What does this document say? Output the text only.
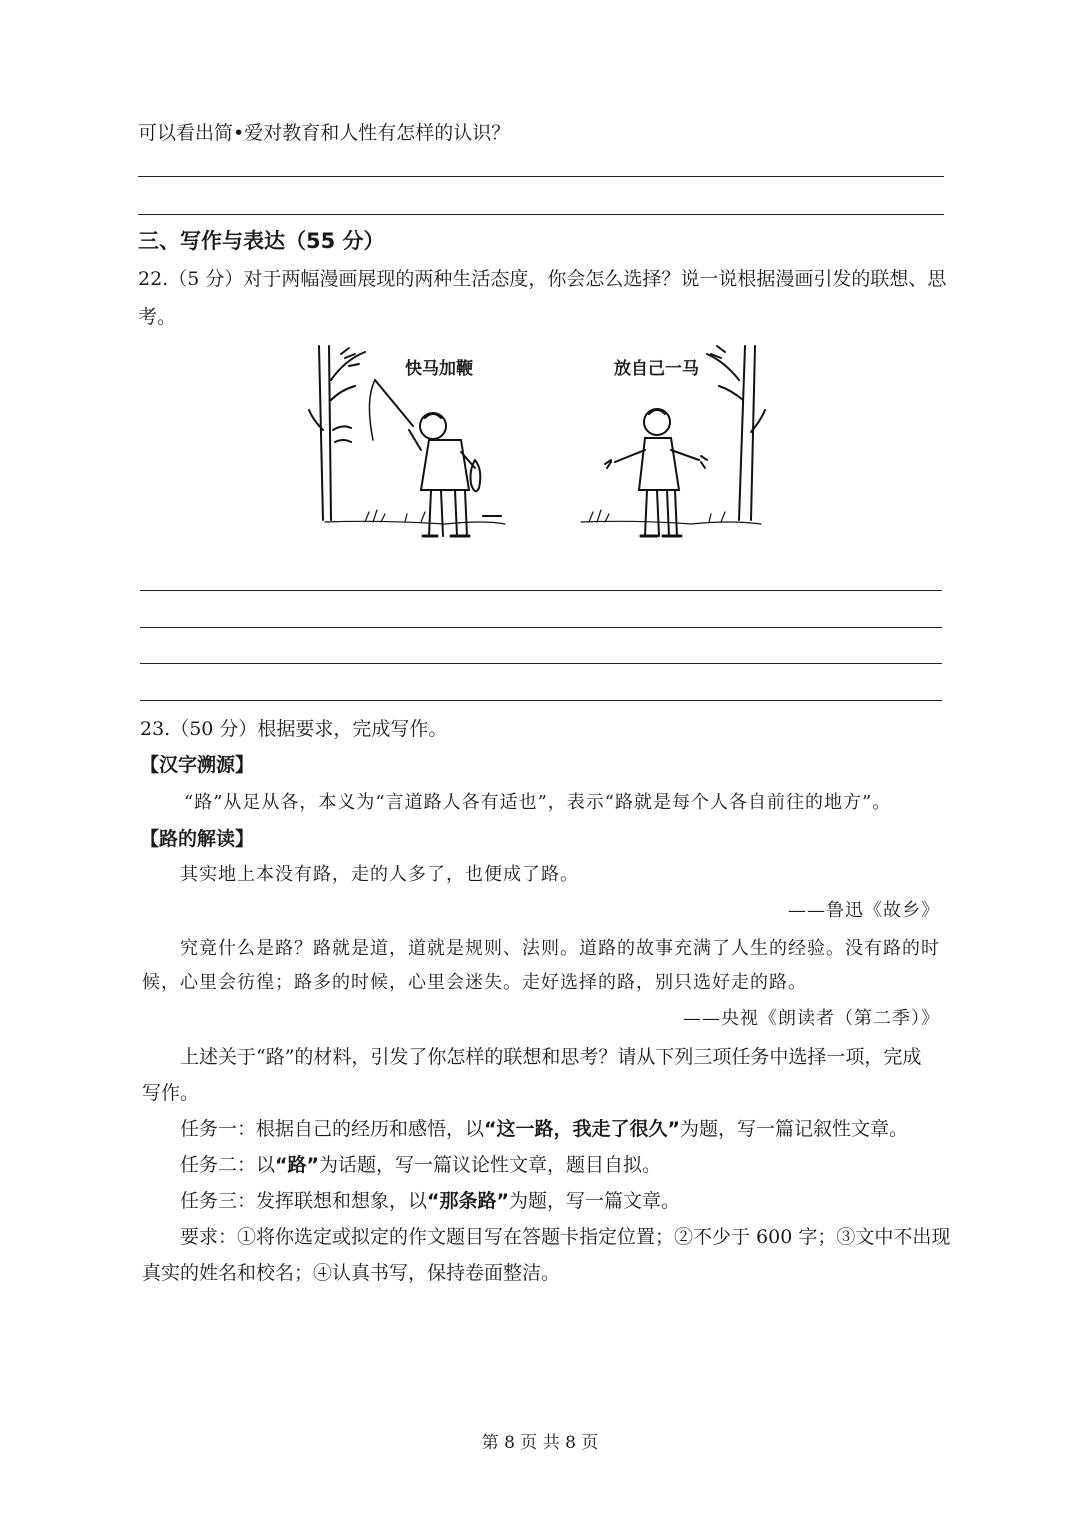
可以看出简•爱对教育和人性有怎样的认识？
三、写作与表达（55 分）
22.（5 分）对于两幅漫画展现的两种生活态度，你会怎么选择？说一说根据漫画引发的联想、思
考。
快马加鞭	放自己一马
23.（50 分）根据要求，完成写作。
【汉字溯源】
“路”从足从各，本义为“言道路人各有适也”，表示“路就是每个人各自前往的地方”。
【路的解读】
其实地上本没有路，走的人多了，也便成了路。
——鲁迅《故乡》
究竟什么是路？路就是道，道就是规则、法则。道路的故事充满了人生的经验。没有路的时
候，心里会彷徨；路多的时候，心里会迷失。走好选择的路，别只选好走的路。
——央视《朗读者（第二季）》
上述关于“路”的材料，引发了你怎样的联想和思考？请从下列三项任务中选择一项，完成
写作。
任务一：根据自己的经历和感悟，以“这一路，我走了很久”为题，写一篇记叙性文章。
任务二：以“路”为话题，写一篇议论性文章，题目自拟。
任务三：发挥联想和想象，以“那条路”为题，写一篇文章。
要求：①将你选定或拟定的作文题目写在答题卡指定位置；②不少于 600 字；③文中不出现
真实的姓名和校名；④认真书写，保持卷面整洁。
第 8 页 共 8 页
